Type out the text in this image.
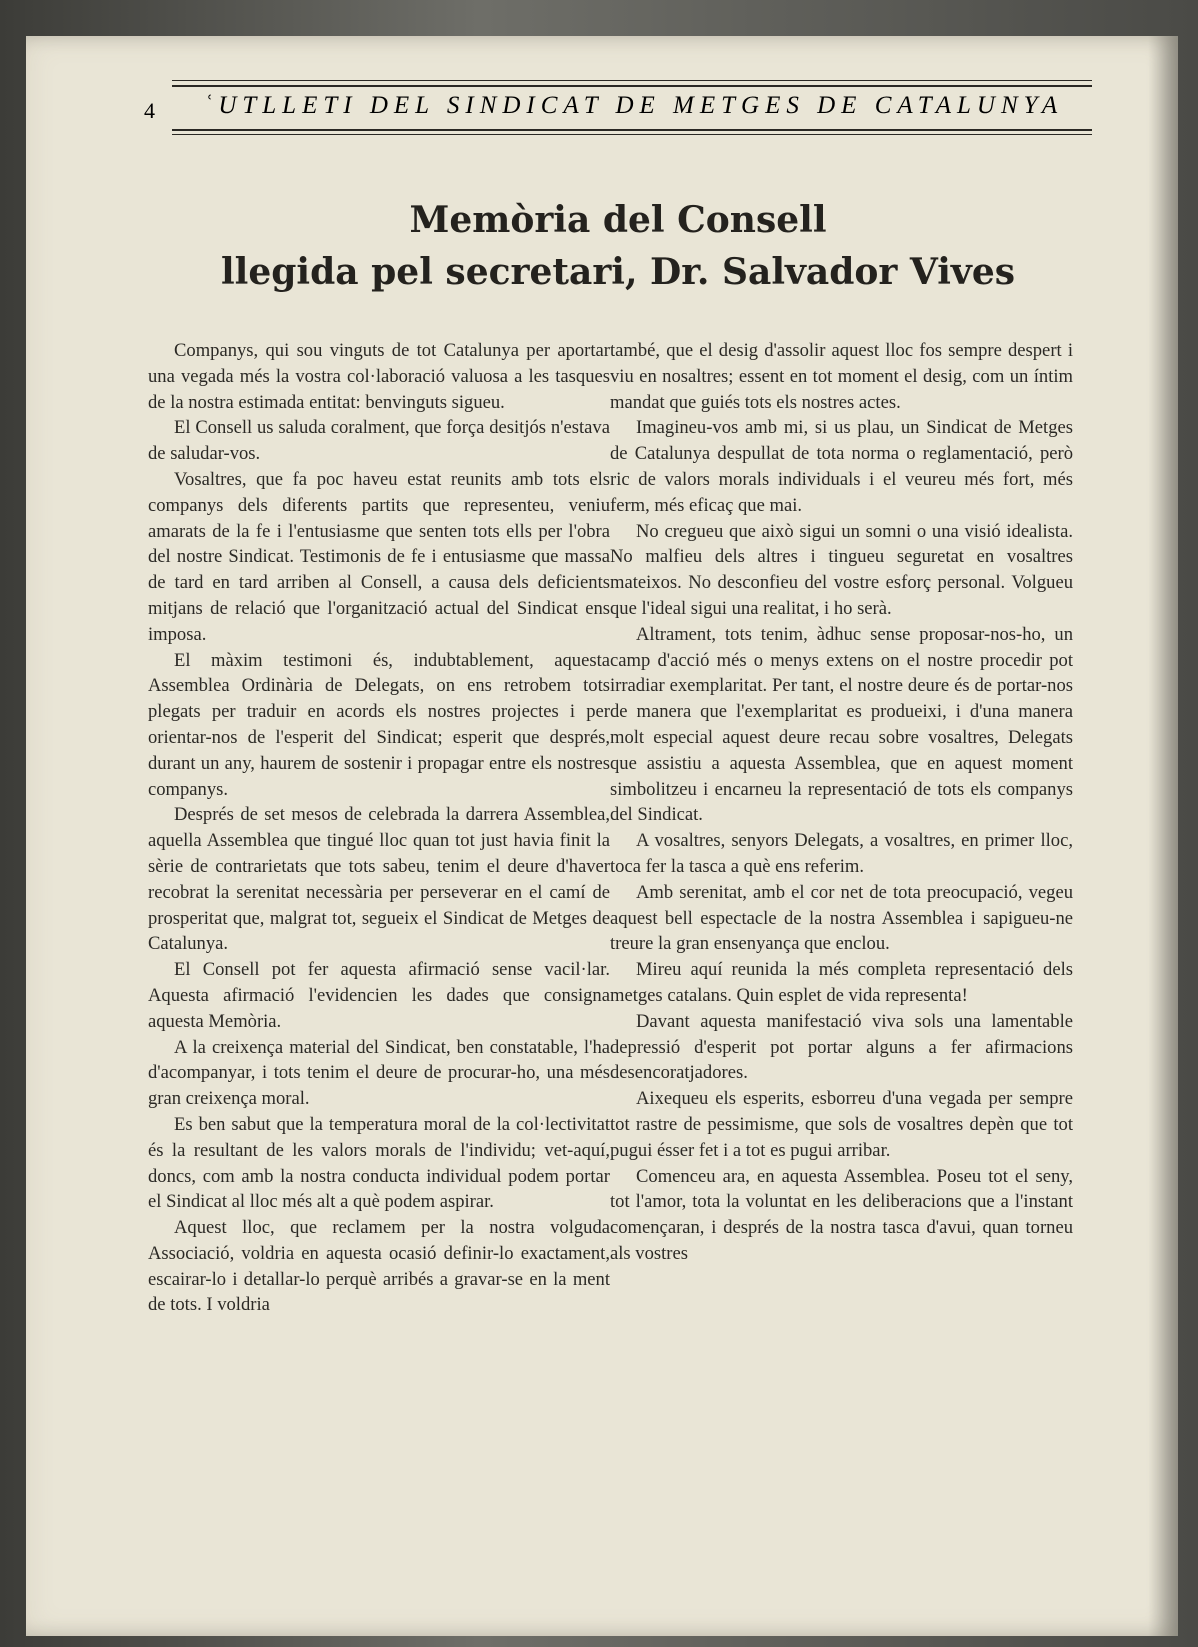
4 ʿUTLLETI DEL SINDICAT DE METGES DE CATALUNYA
Memòria del Consell
llegida pel secretari, Dr. Salvador Vives

Companys, qui sou vinguts de tot Catalunya per aportar una vegada més la vostra col·laboració valuosa a les tasques de la nostra estimada entitat: benvinguts sigueu.

El Consell us saluda coralment, que força desitjós n'estava de saludar-vos.

Vosaltres, que fa poc haveu estat reunits amb tots els companys dels diferents partits que representeu, veniu amarats de la fe i l'entusiasme que senten tots ells per l'obra del nostre Sindicat. Testimonis de fe i entusiasme que massa de tard en tard arriben al Consell, a causa dels deficients mitjans de relació que l'organització actual del Sindicat ens imposa.

El màxim testimoni és, indubtablement, aquesta Assemblea Ordinària de Delegats, on ens retrobem tots plegats per traduir en acords els nostres projectes i per orientar-nos de l'esperit del Sindicat; esperit que després, durant un any, haurem de sostenir i propagar entre els nostres companys.

Després de set mesos de celebrada la darrera Assemblea, aquella Assemblea que tingué lloc quan tot just havia finit la sèrie de contrarietats que tots sabeu, tenim el deure d'haver recobrat la serenitat necessària per perseverar en el camí de prosperitat que, malgrat tot, segueix el Sindicat de Metges de Catalunya.

El Consell pot fer aquesta afirmació sense vacil·lar. Aquesta afirmació l'evidencien les dades que consigna aquesta Memòria.

A la creixença material del Sindicat, ben constatable, l'ha d'acompanyar, i tots tenim el deure de procurar-ho, una més gran creixença moral.

Es ben sabut que la temperatura moral de la col·lectivitat és la resultant de les valors morals de l'individu; vet-aquí, doncs, com amb la nostra conducta individual podem portar el Sindicat al lloc més alt a què podem aspirar.

Aquest lloc, que reclamem per la nostra volguda Associació, voldria en aquesta ocasió definir-lo exactament, escairar-lo i detallar-lo perquè arribés a gravar-se en la ment de tots. I voldria

també, que el desig d'assolir aquest lloc fos sempre despert i viu en nosaltres; essent en tot moment el desig, com un íntim mandat que guiés tots els nostres actes.

Imagineu-vos amb mi, si us plau, un Sindicat de Metges de Catalunya despullat de tota norma o reglamentació, però ric de valors morals individuals i el veureu més fort, més ferm, més eficaç que mai.

No cregueu que això sigui un somni o una visió idealista. No malfieu dels altres i tingueu seguretat en vosaltres mateixos. No desconfieu del vostre esforç personal. Volgueu que l'ideal sigui una realitat, i ho serà.

Altrament, tots tenim, àdhuc sense proposar-nos-ho, un camp d'acció més o menys extens on el nostre procedir pot irradiar exemplaritat. Per tant, el nostre deure és de portar-nos de manera que l'exemplaritat es produeixi, i d'una manera molt especial aquest deure recau sobre vosaltres, Delegats que assistiu a aquesta Assemblea, que en aquest moment simbolitzeu i encarneu la representació de tots els companys del Sindicat.

A vosaltres, senyors Delegats, a vosaltres, en primer lloc, toca fer la tasca a què ens referim.

Amb serenitat, amb el cor net de tota preocupació, vegeu aquest bell espectacle de la nostra Assemblea i sapigueu-ne treure la gran ensenyança que enclou.

Mireu aquí reunida la més completa representació dels metges catalans. Quin esplet de vida representa!

Davant aquesta manifestació viva sols una lamentable depressió d'esperit pot portar alguns a fer afirmacions desencoratjadores.

Aixequeu els esperits, esborreu d'una vegada per sempre tot rastre de pessimisme, que sols de vosaltres depèn que tot pugui ésser fet i a tot es pugui arribar.

Comenceu ara, en aquesta Assemblea. Poseu tot el seny, tot l'amor, tota la voluntat en les deliberacions que a l'instant començaran, i després de la nostra tasca d'avui, quan torneu als vostres
